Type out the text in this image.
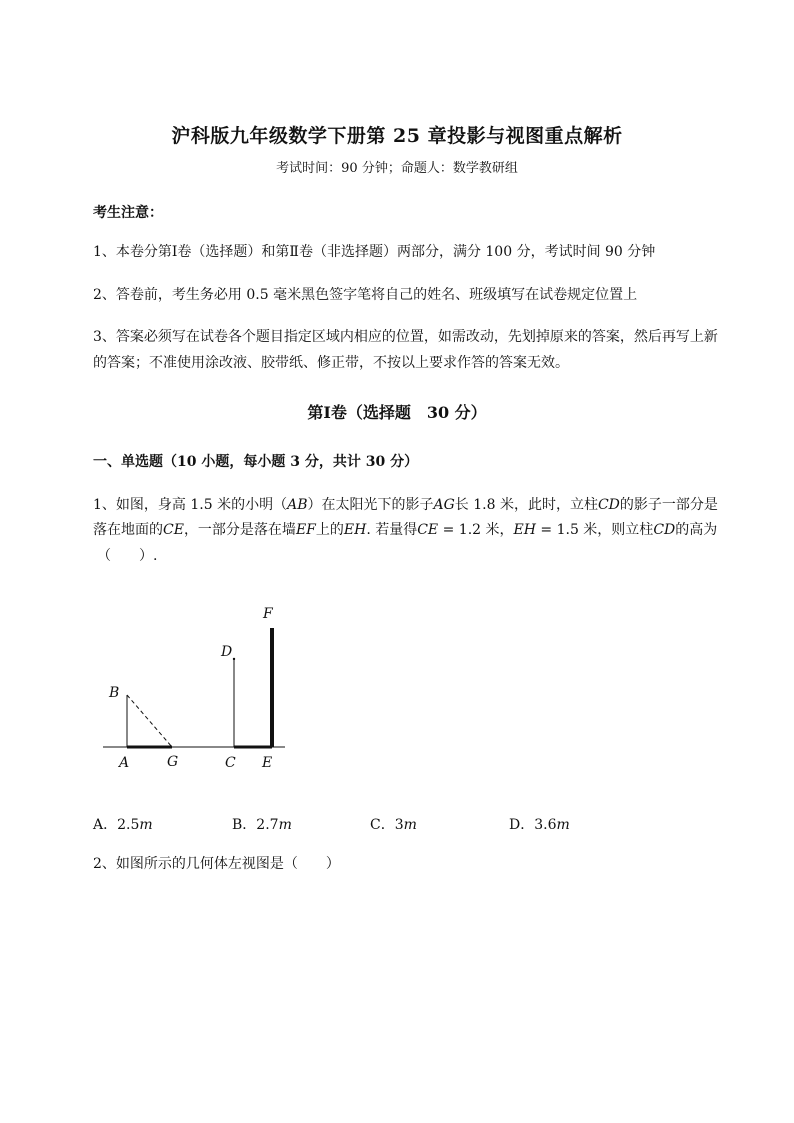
沪科版九年级数学下册第 25 章投影与视图重点解析
考试时间：90 分钟；命题人：数学教研组
考生注意：
1、本卷分第Ⅰ卷（选择题）和第Ⅱ卷（非选择题）两部分，满分 100 分，考试时间 90 分钟
2、答卷前，考生务必用 0.5 毫米黑色签字笔将自己的姓名、班级填写在试卷规定位置上
3、答案必须写在试卷各个题目指定区域内相应的位置，如需改动，先划掉原来的答案，然后再写上新
的答案；不准使用涂改液、胶带纸、修正带，不按以上要求作答的答案无效。
第Ⅰ卷（选择题　30 分）
一、单选题（10 小题，每小题 3 分，共计 30 分）
1、如图，身高 1.5 米的小明（AB）在太阳光下的影子AG长 1.8 米，此时，立柱CD的影子一部分是
落在地面的CE，一部分是落在墙EF上的EH. 若量得CE = 1.2 米，EH = 1.5 米，则立柱CD的高为
（　　）.
B
A	G
D
C E
F
A．2.5m	B．2.7m	C．3m	D．3.6m
2、如图所示的几何体左视图是（　　）
